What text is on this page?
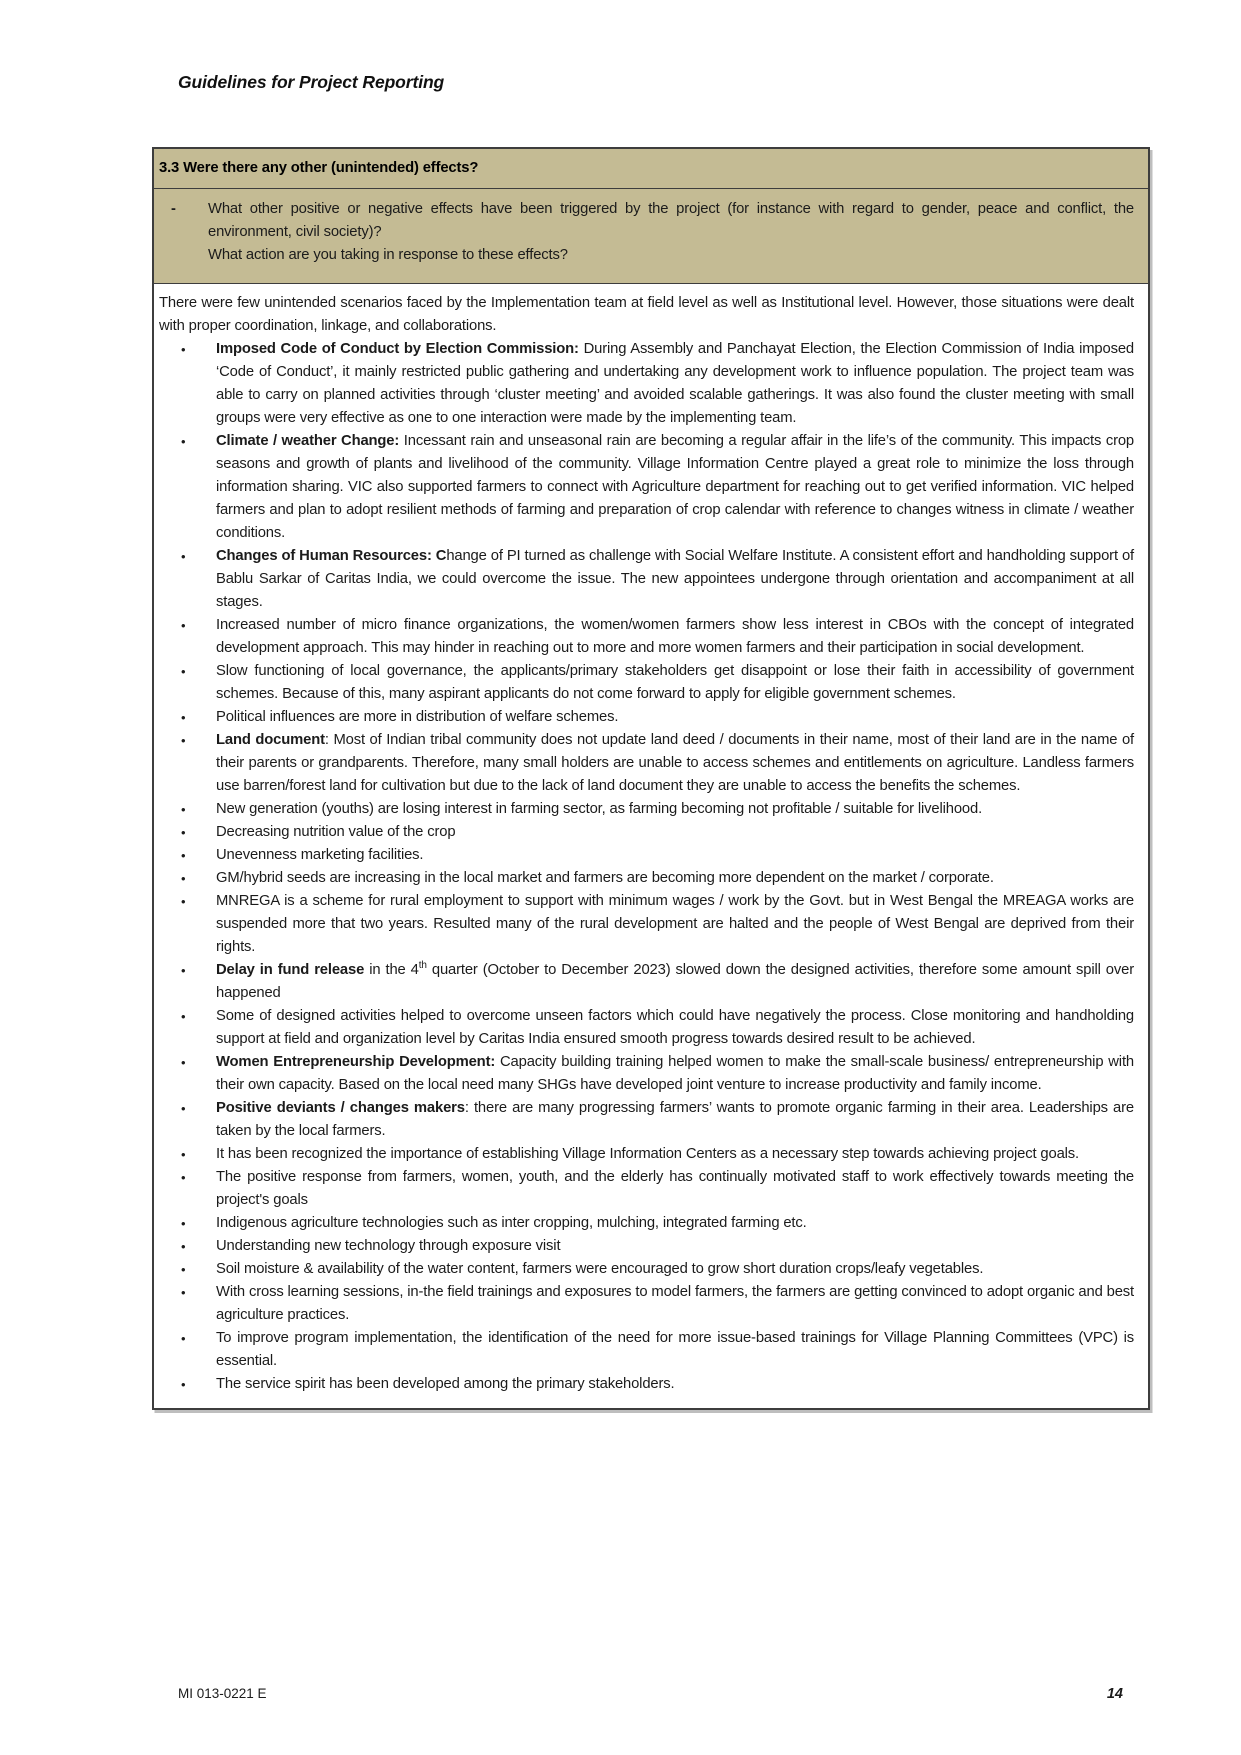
Guidelines for Project Reporting
3.3 Were there any other (unintended) effects?
- What other positive or negative effects have been triggered by the project (for instance with regard to gender, peace and conflict, the environment, civil society)?

What action are you taking in response to these effects?

There were few unintended scenarios faced by the Implementation team at field level as well as Institutional level. However, those situations were dealt with proper coordination, linkage, and collaborations.

• Imposed Code of Conduct by Election Commission: During Assembly and Panchayat Election, the Election Commission of India imposed ‘Code of Conduct’, it mainly restricted public gathering and undertaking any development work to influence population. The project team was able to carry on planned activities through ‘cluster meeting’ and avoided scalable gatherings. It was also found the cluster meeting with small groups were very effective as one to one interaction were made by the implementing team.
• Climate / weather Change: Incessant rain and unseasonal rain are becoming a regular affair in the life’s of the community. This impacts crop seasons and growth of plants and livelihood of the community. Village Information Centre played a great role to minimize the loss through information sharing. VIC also supported farmers to connect with Agriculture department for reaching out to get verified information. VIC helped farmers and plan to adopt resilient methods of farming and preparation of crop calendar with reference to changes witness in climate / weather conditions.
• Changes of Human Resources: Change of PI turned as challenge with Social Welfare Institute. A consistent effort and handholding support of Bablu Sarkar of Caritas India, we could overcome the issue. The new appointees undergone through orientation and accompaniment at all stages.
• Increased number of micro finance organizations, the women/women farmers show less interest in CBOs with the concept of integrated development approach. This may hinder in reaching out to more and more women farmers and their participation in social development.
• Slow functioning of local governance, the applicants/primary stakeholders get disappoint or lose their faith in accessibility of government schemes. Because of this, many aspirant applicants do not come forward to apply for eligible government schemes.
• Political influences are more in distribution of welfare schemes.
• Land document: Most of Indian tribal community does not update land deed / documents in their name, most of their land are in the name of their parents or grandparents. Therefore, many small holders are unable to access schemes and entitlements on agriculture. Landless farmers use barren/forest land for cultivation but due to the lack of land document they are unable to access the benefits the schemes.
• New generation (youths) are losing interest in farming sector, as farming becoming not profitable / suitable for livelihood.
• Decreasing nutrition value of the crop
• Unevenness marketing facilities.
• GM/hybrid seeds are increasing in the local market and farmers are becoming more dependent on the market / corporate.
• MNREGA is a scheme for rural employment to support with minimum wages / work by the Govt. but in West Bengal the MREAGA works are suspended more that two years. Resulted many of the rural development are halted and the people of West Bengal are deprived from their rights.
• Delay in fund release in the 4th quarter (October to December 2023) slowed down the designed activities, therefore some amount spill over happened
• Some of designed activities helped to overcome unseen factors which could have negatively the process. Close monitoring and handholding support at field and organization level by Caritas India ensured smooth progress towards desired result to be achieved.
• Women Entrepreneurship Development: Capacity building training helped women to make the small-scale business/ entrepreneurship with their own capacity. Based on the local need many SHGs have developed joint venture to increase productivity and family income.
• Positive deviants / changes makers: there are many progressing farmers’ wants to promote organic farming in their area. Leaderships are taken by the local farmers.
• It has been recognized the importance of establishing Village Information Centers as a necessary step towards achieving project goals.
• The positive response from farmers, women, youth, and the elderly has continually motivated staff to work effectively towards meeting the project's goals
• Indigenous agriculture technologies such as inter cropping, mulching, integrated farming etc.
• Understanding new technology through exposure visit
• Soil moisture & availability of the water content, farmers were encouraged to grow short duration crops/leafy vegetables.
• With cross learning sessions, in-the field trainings and exposures to model farmers, the farmers are getting convinced to adopt organic and best agriculture practices.
• To improve program implementation, the identification of the need for more issue-based trainings for Village Planning Committees (VPC) is essential.
• The service spirit has been developed among the primary stakeholders.
MI 013-0221 E	14
